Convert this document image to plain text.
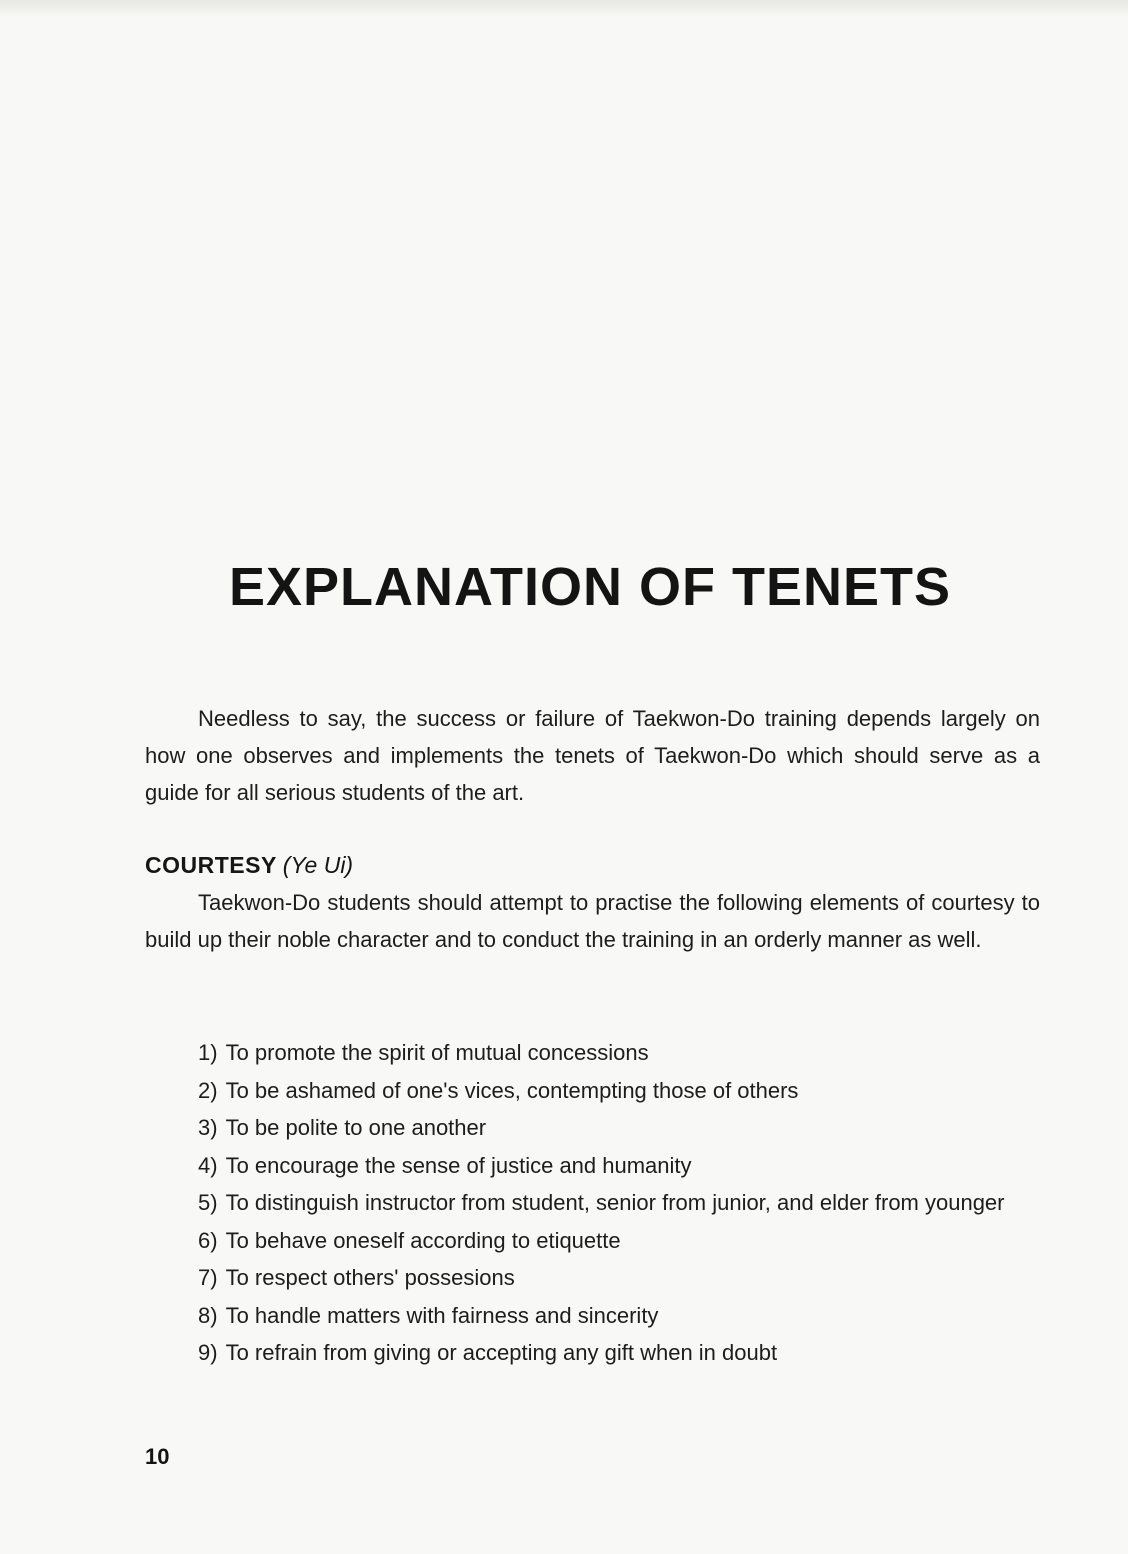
EXPLANATION OF TENETS

Needless to say, the success or failure of Taekwon-Do training depends largely on how one observes and implements the tenets of Taekwon-Do which should serve as a guide for all serious students of the art.

COURTESY (Ye Ui)

Taekwon-Do students should attempt to practise the following elements of courtesy to build up their noble character and to conduct the training in an orderly manner as well.

1) To promote the spirit of mutual concessions
2) To be ashamed of one's vices, contempting those of others
3) To be polite to one another
4) To encourage the sense of justice and humanity
5) To distinguish instructor from student, senior from junior, and elder from younger
6) To behave oneself according to etiquette
7) To respect others' possesions
8) To handle matters with fairness and sincerity
9) To refrain from giving or accepting any gift when in doubt

10
